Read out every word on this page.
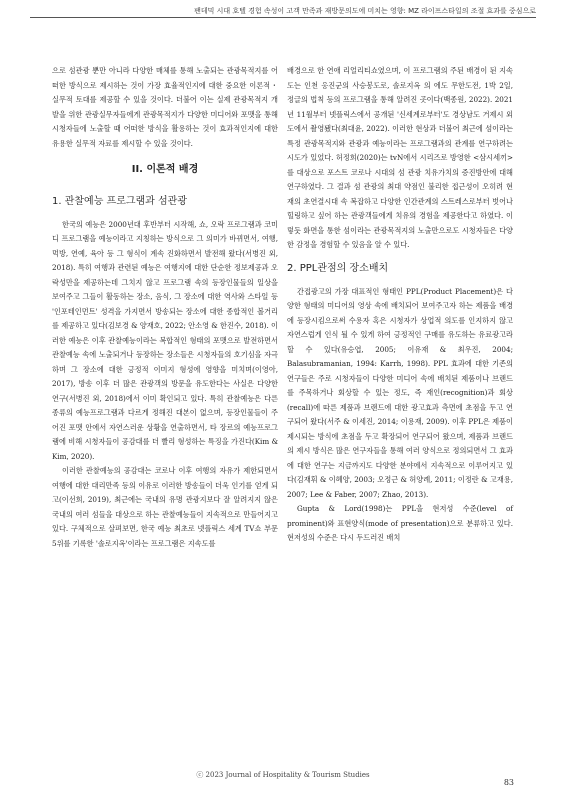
팬데믹 시대 호텔 경험 속성이 고객 만족과 재방문의도에 미치는 영향: MZ 라이프스타일의 조절 효과를 중심으로

으로 섬관광 뿐만 아니라 다양한 매체를 통해 노출되는 관광목적지를 어떠한 방식으로 제시하는 것이 가장 효율적인지에 대한 중요한 이론적・실무적 토대를 제공할 수 있을 것이다. 더불어 이는 실제 관광목적지 개발을 위한 관광실무자들에게 관광목적지가 다양한 미디어와 포맷을 통해 시청자들에 노출할 때 어떠한 방식을 활용하는 것이 효과적인지에 대한 유용한 실무적 자료를 제시할 수 있을 것이다.

II. 이론적 배경
1. 관찰예능 프로그램과 섬관광

한국의 예능은 2000년대 후반부터 시작해, 쇼, 오락 프로그램과 코미디 프로그램을 예능이라고 지칭하는 방식으로 그 의미가 바뀌면서, 여행, 먹방, 연예, 육아 등 그 형식이 계속 진화하면서 발전해 왔다(서병진 외, 2018). 특히 여행과 관련된 예능은 여행지에 대한 단순한 정보제공과 오락성만을 제공하는데 그치지 않고 프로그램 속의 등장인물들의 일상을 보여주고 그들이 활동하는 장소, 음식, 그 장소에 대한 역사와 스타일 등 '인포테인먼트' 성격을 가지면서 방송되는 장소에 대한 종합적인 볼거리를 제공하고 있다(김보경 & 양재호, 2022; 안소영 & 한진수, 2018). 이러한 예능은 이후 관찰예능이라는 복합적인 형태의 포맷으로 발전하면서 관찰예능 속에 노출되거나 등장하는 장소들은 시청자들의 호기심을 자극하며 그 장소에 대한 긍정적 이미지 형성에 영향을 미치며(이영아, 2017), 방송 이후 더 많은 관광객의 방문을 유도한다는 사실은 다양한 연구(서병진 외, 2018)에서 이미 확인되고 있다. 특히 관찰예능은 다른 종류의 예능프로그램과 다르게 정해진 대본이 없으며, 등장인물들이 주어진 포맷 안에서 자연스러운 상황을 연출하면서, 타 장르의 예능프로그램에 비해 시청자들이 공감대를 더 빨리 형성하는 특징을 가진다(Kim & Kim, 2020).

이러한 관찰예능의 공감대는 코로나 이후 여행의 자유가 제한되면서 여행에 대한 대리만족 등의 이유로 이러한 방송들이 더욱 인기를 얻게 되고(이선희, 2019), 최근에는 국내의 유명 관광지보다 잘 알려지지 않은 국내의 여러 섬들을 대상으로 하는 관찰예능들이 지속적으로 만들어지고 있다. 구체적으로 살펴보면, 한국 예능 최초로 넷플릭스 세계 TV쇼 부문 5위를 기록한 '솔로지옥'이라는 프로그램은 지속도를

배경으로 한 연애 리얼리티쇼였으며, 이 프로그램의 주된 배경이 된 지속도는 인천 옹진군의 사승봉도로, 솔로지옥 의 에도 무한도전, 1박 2일, 정글의 법칙 등의 프로그램을 통해 알려진 곳이다(백종원, 2022). 2021년 11월부터 넷플릭스에서 공개된 '신세계로부터'도 경상남도 거제시 외도에서 촬영됐다(최대윤, 2022). 이러한 현상과 더불어 최근에 섬이라는 특정 관광목적지와 관광과 예능이라는 프로그램과의 관계를 연구하려는 시도가 있었다. 허정희(2020)는 tvN에서 시리즈로 방영한 <삼시세끼>를 대상으로 포스트 코로나 시대의 섬 관광 치유가치의 증진방안에 대해 연구하였다. 그 결과 섬 관광의 최대 약점인 불리한 접근성이 오히려 현재의 초연결시대 속 복잡하고 다양한 인간관계의 스트레스로부터 벗어나 힐링하고 싶어 하는 관광객들에게 치유의 경험을 제공한다고 하였다. 이렇듯 화면을 통한 섬이라는 관광목적지의 노출만으로도 시청자들은 다양한 감정을 경험할 수 있음을 알 수 있다.

2. PPL관점의 장소배치

간접광고의 가장 대표적인 형태인 PPL(Product Placement)은 다양한 형태의 미디어의 영상 속에 배치되어 보여주고자 하는 제품을 배경에 등장시킴으로써 수용자 혹은 시청자가 상업적 의도를 인지하지 않고 자연스럽게 인식 될 수 있게 하여 긍정적인 구매를 유도하는 유료광고라 할 수 있다(유승엽, 2005; 이유재 & 최우진, 2004; Balasubramanian, 1994: Karrh, 1998). PPL 효과에 대한 기존의 연구들은 주로 시청자들이 다양한 미디어 속에 배치된 제품이나 브랜드를 주목하거나 회상할 수 있는 정도, 즉 재인(recognition)과 회상(recall)에 따른 제품과 브랜드에 대한 광고효과 측면에 초점을 두고 연구되어 왔다(서주 & 이세진, 2014; 이용재, 2009). 이후 PPL은 제품이 제시되는 방식에 초점을 두고 확장되어 연구되어 왔으며, 제품과 브랜드의 제시 방식은 많은 연구자들을 통해 여러 양식으로 정의되면서 그 효과에 대한 연구는 지금까지도 다양한 분야에서 지속적으로 이루어지고 있다(김재휘 & 이혜양, 2003; 오정근 & 허양례, 2011; 이정란 & 고재용, 2007; Lee & Faber, 2007; Zhao, 2013).

Gupta & Lord(1998)는 PPL을 현저성 수준(level of prominent)와 표현양식(mode of presentation)으로 분류하고 있다. 현저성의 수준은 다시 두드러진 배치

ⓒ 2023 Journal of Hospitality & Tourism Studies
83
